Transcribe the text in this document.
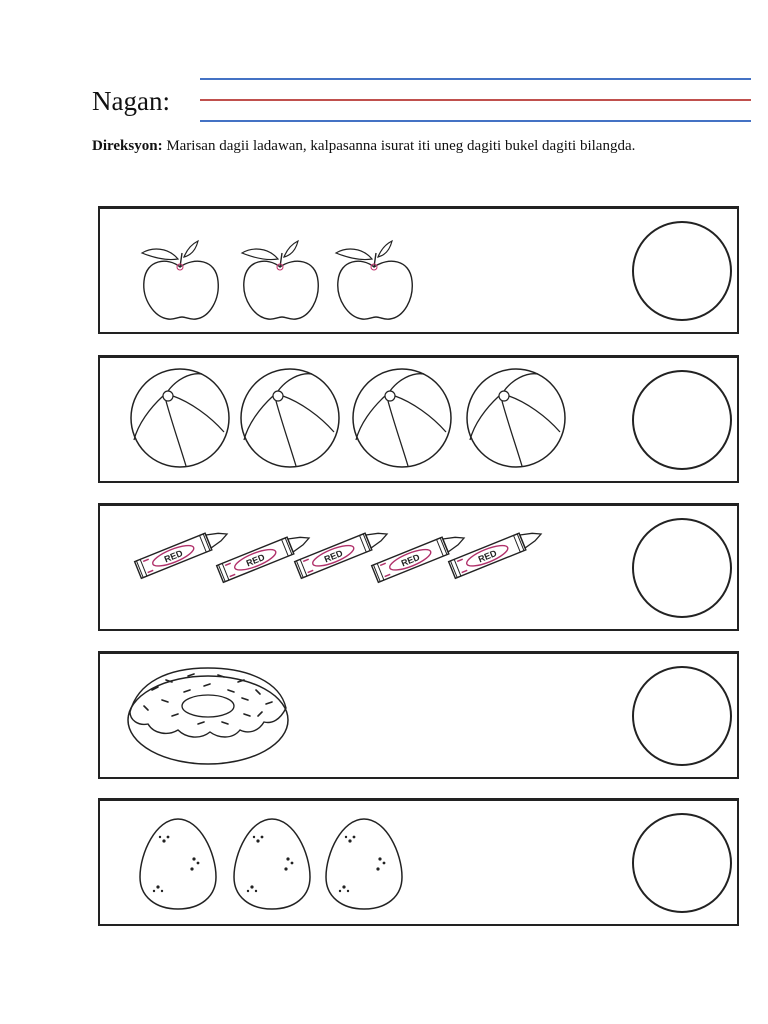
Nagan:
Direksyon: Marisan dagii ladawan, kalpasanna isurat iti uneg dagiti bukel dagiti bilangda.
RED	RED	RED	RED	RED
